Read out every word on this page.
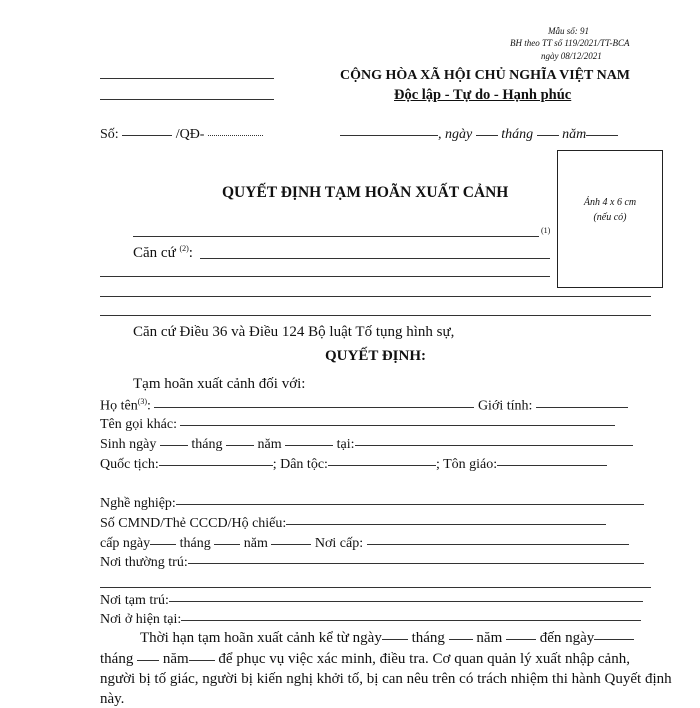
Mẫu số: 91
BH theo TT số 119/2021/TT-BCA
ngày 08/12/2021
CỘNG HÒA XÃ HỘI CHỦ NGHĨA VIỆT NAM
Độc lập - Tự do - Hạnh phúc
Số:	/QĐ-	, ngày tháng năm
Ảnh 4 x 6 cm
(nếu có)
QUYẾT ĐỊNH TẠM HOÃN XUẤT CẢNH
(1)
Căn cứ $^{(2)}$:
Căn cứ Điều 36 và Điều 124 Bộ luật Tố tụng hình sự,
QUYẾT ĐỊNH:
Tạm hoãn xuất cảnh đối với:
Họ tên$^{(3)}$:	Giới tính:
Tên gọi khác:
Sinh ngày	tháng	năm	tại:
Quốc tịch:	; Dân tộc:	; Tôn giáo:
Nghề nghiệp:
Số CMND/Thẻ CCCD/Hộ chiếu:
cấp ngày tháng năm	Nơi cấp:
Nơi thường trú:
Nơi tạm trú:
Nơi ở hiện tại:
Thời hạn tạm hoãn xuất cảnh kể từ ngày tháng năm	đến ngày
tháng năm để phục vụ việc xác minh, điều tra. Cơ quan quản lý xuất nhập cảnh,
người bị tố giác, người bị kiến nghị khởi tố, bị can nêu trên có trách nhiệm thi hành Quyết định
này.
